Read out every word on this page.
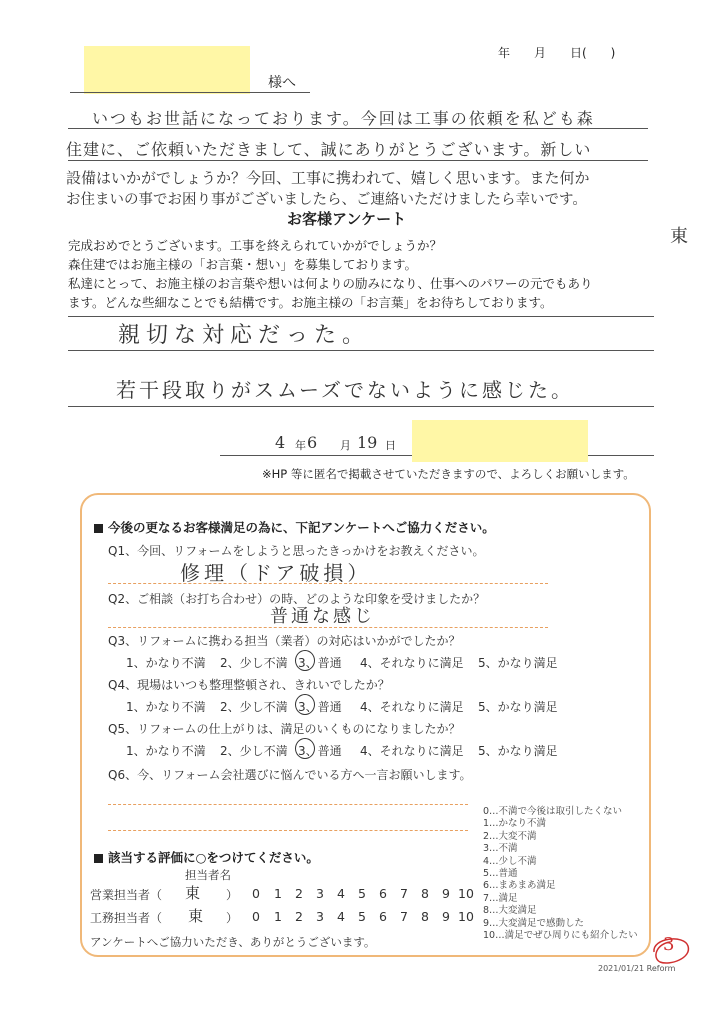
年　　月　　日(　　)
様へ
いつもお世話になっております。今回は工事の依頼を私ども森
住建に、ご依頼いただきまして、誠にありがとうございます。新しい
設備はいかがでしょうか？今回、工事に携われて、嬉しく思います。また何か
お住まいの事でお困り事がございましたら、ご連絡いただけましたら幸いです。
東
お客様アンケート
完成おめでとうございます。工事を終えられていかがでしょうか？
森住建ではお施主様の「お言葉・想い」を募集しております。
私達にとって、お施主様のお言葉や想いは何よりの励みになり、仕事へのパワーの元でもあり
ます。どんな些細なことでも結構です。お施主様の「お言葉」をお待ちしております。
親切な対応だった。
若干段取りがスムーズでないように感じた。
4 年 6 月 19 日
※HP 等に匿名で掲載させていただきますので、よろしくお願いします。
今後の更なるお客様満足の為に、下記アンケートへご協力ください。
Q1、今回、リフォームをしようと思ったきっかけをお教えください。
修理（ドア破損）
Q2、ご相談（お打ち合わせ）の時、どのような印象を受けましたか？
普通な感じ
Q3、リフォームに携わる担当（業者）の対応はいかがでしたか？
1、かなり不満 2、少し不満 3、普通 4、それなりに満足 5、かなり満足
Q4、現場はいつも整理整頓され、きれいでしたか？
1、かなり不満 2、少し不満 3、普通 4、それなりに満足 5、かなり満足
Q5、リフォームの仕上がりは、満足のいくものになりましたか？
1、かなり不満 2、少し不満 3、普通 4、それなりに満足 5、かなり満足
Q6、今、リフォーム会社選びに悩んでいる方へ一言お願いします。
0…不満で今後は取引したくない
1…かなり不満
2…大変不満
3…不満
4…少し不満
5…普通
6…まあまあ満足
7…満足
8…大変満足
9…大変満足で感動した
10…満足でぜひ周りにも紹介したい
該当する評価に○をつけてください。
担当者名
営業担当者（ 東 ） 0 1 2 3 4 5 6 7 8 9 10
工務担当者（ 東 ） 0 1 2 3 4 5 6 7 8 9 10
アンケートへご協力いただき、ありがとうございます。	3
2021/01/21 Reform
